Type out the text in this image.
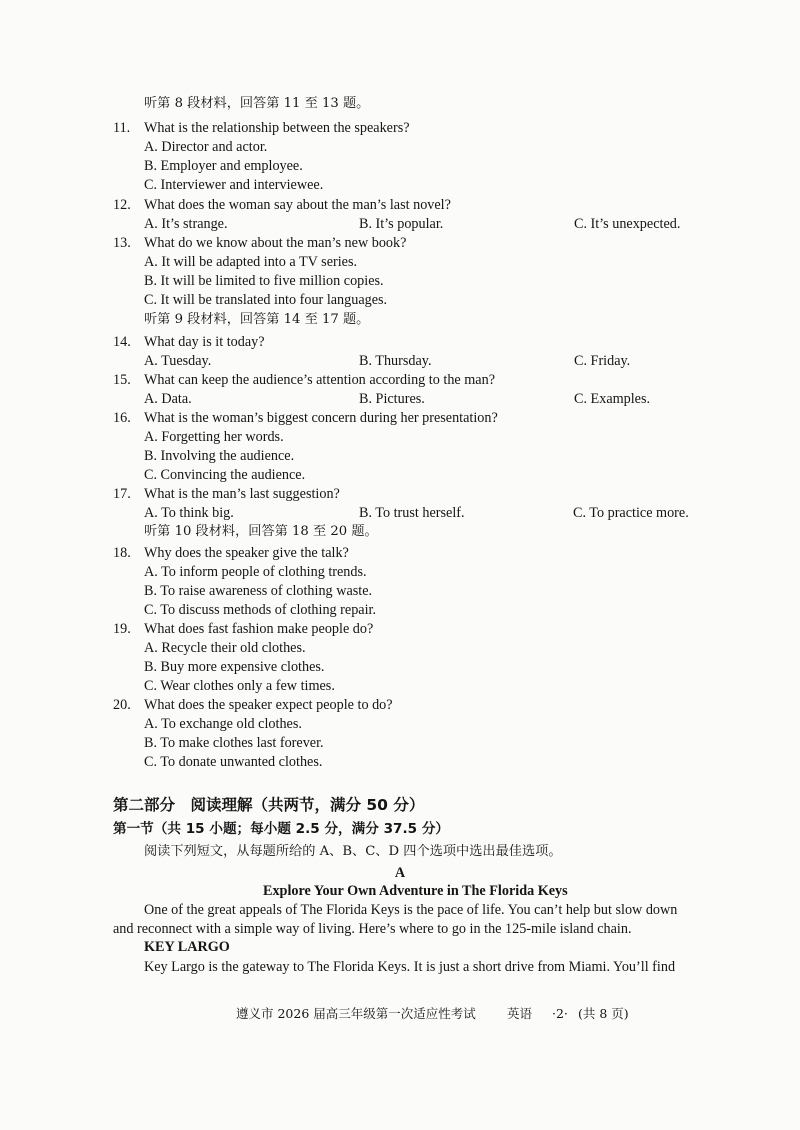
听第 8 段材料，回答第 11 至 13 题。
11. What is the relationship between the speakers?
A. Director and actor.
B. Employer and employee.
C. Interviewer and interviewee.
12. What does the woman say about the man’s last novel?
A. It’s strange.	B. It’s popular.	C. It’s unexpected.
13. What do we know about the man’s new book?
A. It will be adapted into a TV series.
B. It will be limited to five million copies.
C. It will be translated into four languages.
听第 9 段材料，回答第 14 至 17 题。
14. What day is it today?
A. Tuesday.	B. Thursday.	C. Friday.
15. What can keep the audience’s attention according to the man?
A. Data.	B. Pictures.	C. Examples.
16. What is the woman’s biggest concern during her presentation?
A. Forgetting her words.
B. Involving the audience.
C. Convincing the audience.
17. What is the man’s last suggestion?
A. To think big.	B. To trust herself.	C. To practice more.
听第 10 段材料，回答第 18 至 20 题。
18. Why does the speaker give the talk?
A. To inform people of clothing trends.
B. To raise awareness of clothing waste.
C. To discuss methods of clothing repair.
19. What does fast fashion make people do?
A. Recycle their old clothes.
B. Buy more expensive clothes.
C. Wear clothes only a few times.
20. What does the speaker expect people to do?
A. To exchange old clothes.
B. To make clothes last forever.
C. To donate unwanted clothes.
第二部分　阅读理解（共两节，满分 50 分）
第一节（共 15 小题；每小题 2.5 分，满分 37.5 分）
阅读下列短文，从每题所给的 A、B、C、D 四个选项中选出最佳选项。
A
Explore Your Own Adventure in The Florida Keys
One of the great appeals of The Florida Keys is the pace of life. You can’t help but slow down
and reconnect with a simple way of living. Here’s where to go in the 125-mile island chain.
KEY LARGO
Key Largo is the gateway to The Florida Keys. It is just a short drive from Miami. You’ll find
遵义市 2026 届高三年级第一次适应性考试 英语 ·2· (共 8 页)
